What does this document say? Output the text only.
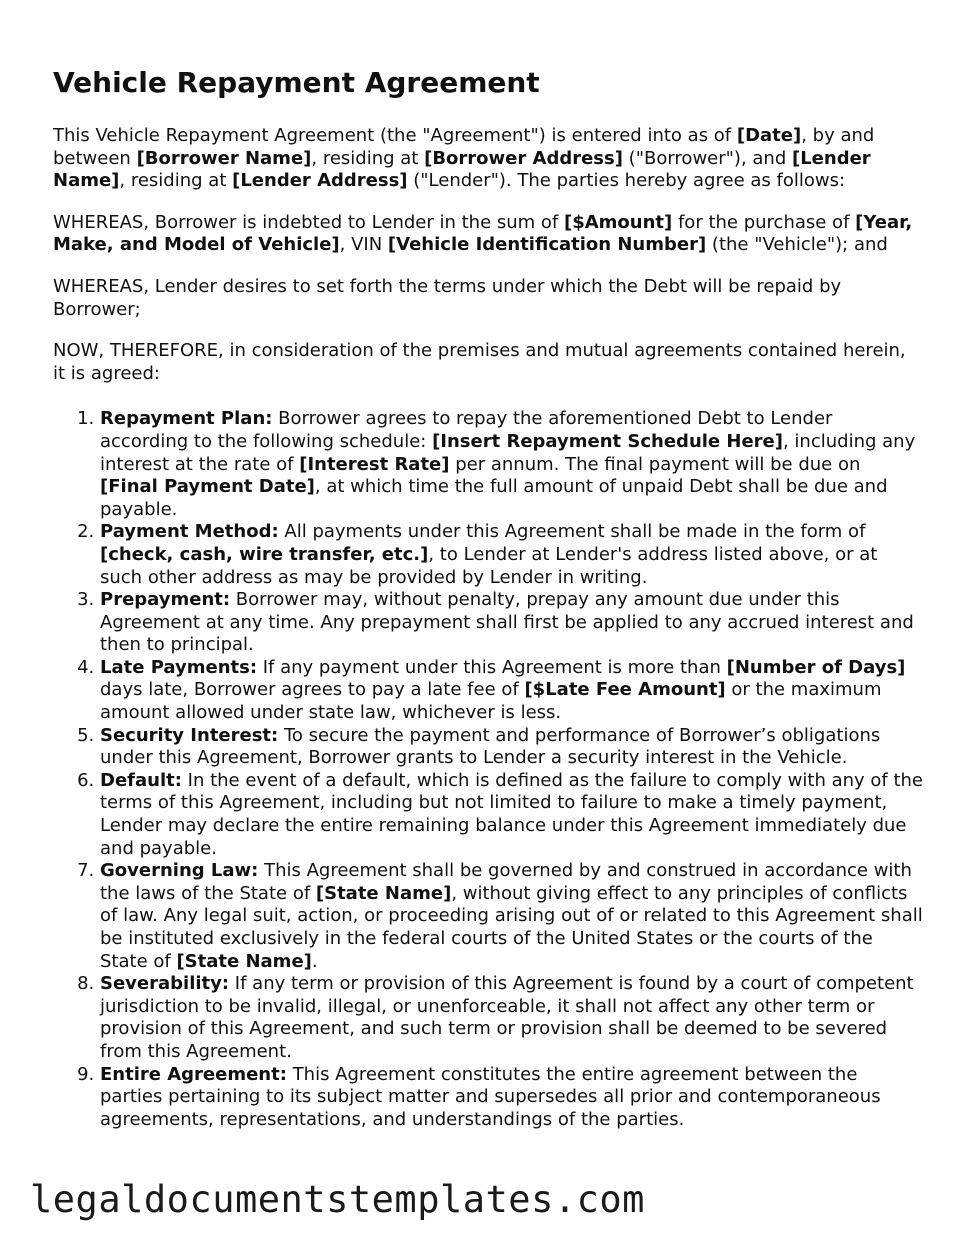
Vehicle Repayment Agreement

This Vehicle Repayment Agreement (the "Agreement") is entered into as of [Date], by and between [Borrower Name], residing at [Borrower Address] ("Borrower"), and [Lender Name], residing at [Lender Address] ("Lender"). The parties hereby agree as follows:

WHEREAS, Borrower is indebted to Lender in the sum of [$Amount] for the purchase of [Year, Make, and Model of Vehicle], VIN [Vehicle Identification Number] (the "Vehicle"); and

WHEREAS, Lender desires to set forth the terms under which the Debt will be repaid by Borrower;

NOW, THEREFORE, in consideration of the premises and mutual agreements contained herein, it is agreed:

1. Repayment Plan: Borrower agrees to repay the aforementioned Debt to Lender according to the following schedule: [Insert Repayment Schedule Here], including any interest at the rate of [Interest Rate] per annum. The final payment will be due on [Final Payment Date], at which time the full amount of unpaid Debt shall be due and payable.
2. Payment Method: All payments under this Agreement shall be made in the form of [check, cash, wire transfer, etc.], to Lender at Lender's address listed above, or at such other address as may be provided by Lender in writing.
3. Prepayment: Borrower may, without penalty, prepay any amount due under this Agreement at any time. Any prepayment shall first be applied to any accrued interest and then to principal.
4. Late Payments: If any payment under this Agreement is more than [Number of Days] days late, Borrower agrees to pay a late fee of [$Late Fee Amount] or the maximum amount allowed under state law, whichever is less.
5. Security Interest: To secure the payment and performance of Borrower’s obligations under this Agreement, Borrower grants to Lender a security interest in the Vehicle.
6. Default: In the event of a default, which is defined as the failure to comply with any of the terms of this Agreement, including but not limited to failure to make a timely payment, Lender may declare the entire remaining balance under this Agreement immediately due and payable.
7. Governing Law: This Agreement shall be governed by and construed in accordance with the laws of the State of [State Name], without giving effect to any principles of conflicts of law. Any legal suit, action, or proceeding arising out of or related to this Agreement shall be instituted exclusively in the federal courts of the United States or the courts of the State of [State Name].
8. Severability: If any term or provision of this Agreement is found by a court of competent jurisdiction to be invalid, illegal, or unenforceable, it shall not affect any other term or provision of this Agreement, and such term or provision shall be deemed to be severed from this Agreement.
9. Entire Agreement: This Agreement constitutes the entire agreement between the parties pertaining to its subject matter and supersedes all prior and contemporaneous agreements, representations, and understandings of the parties.
legaldocumentstemplates.com
